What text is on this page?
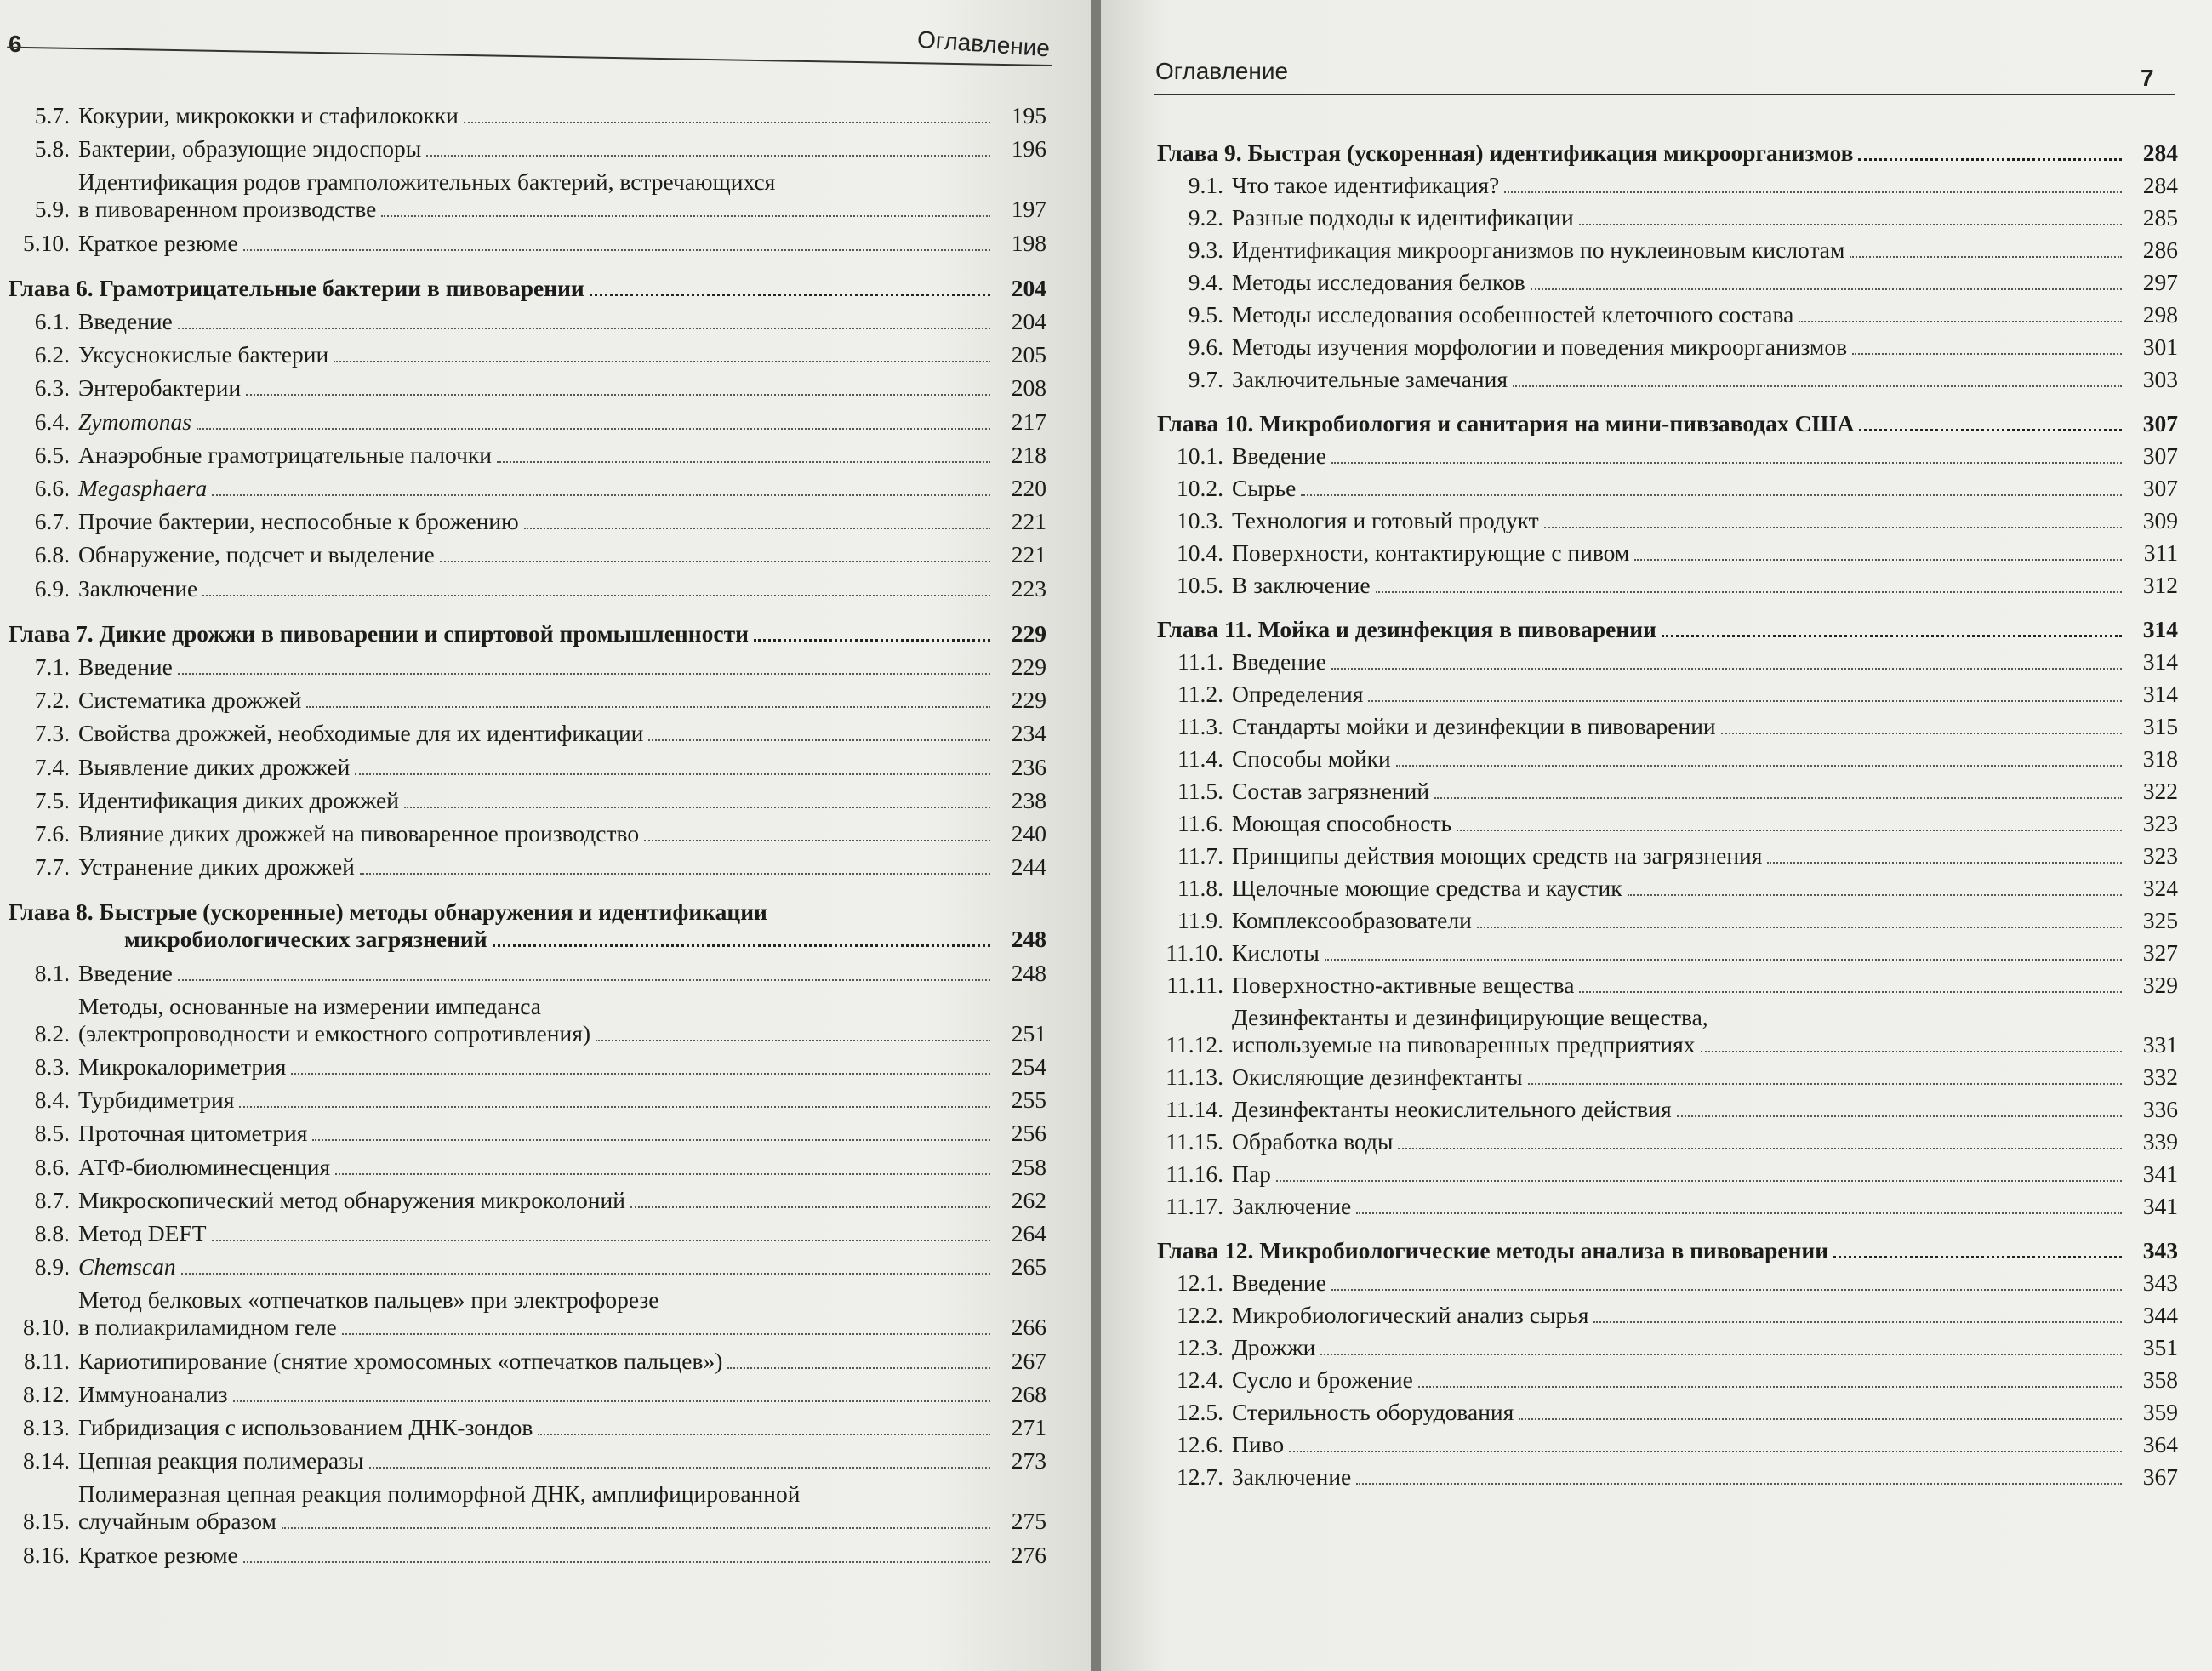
6	Оглавление
5.7. Кокурии, микрококки и стафилококки	195
5.8. Бактерии, образующие эндоспоры	196
5.9.
Идентификация родов грамположительных бактерий, встречающихся
в пивоваренном производстве	197
5.10. Краткое резюме	198
Глава 6. Грамотрицательные бактерии в пивоварении	204
6.1. Введение	204
6.2. Уксуснокислые бактерии	205
6.3. Энтеробактерии	208
6.4. Zymomonas	217
6.5. Анаэробные грамотрицательные палочки	218
6.6. Megasphaera	220
6.7. Прочие бактерии, неспособные к брожению	221
6.8. Обнаружение, подсчет и выделение	221
6.9. Заключение	223
Глава 7. Дикие дрожжи в пивоварении и спиртовой промышленности	229
7.1. Введение	229
7.2. Систематика дрожжей	229
7.3. Свойства дрожжей, необходимые для их идентификации	234
7.4. Выявление диких дрожжей	236
7.5. Идентификация диких дрожжей	238
7.6. Влияние диких дрожжей на пивоваренное производство	240
7.7. Устранение диких дрожжей	244
Глава 8. Быстрые (ускоренные) методы обнаружения и идентификации
микробиологических загрязнений	248
8.1. Введение	248
8.2.
Методы, основанные на измерении импеданса
(электропроводности и емкостного сопротивления)	251
8.3. Микрокалориметрия	254
8.4. Турбидиметрия	255
8.5. Проточная цитометрия	256
8.6. АТФ-биолюминесценция	258
8.7. Микроскопический метод обнаружения микроколоний	262
8.8. Метод DEFT	264
8.9. Chemscan	265
8.10.
Метод белковых «отпечатков пальцев» при электрофорезе
в полиакриламидном геле	266
8.11. Кариотипирование (снятие хромосомных «отпечатков пальцев»)	267
8.12. Иммуноанализ	268
8.13. Гибридизация с использованием ДНК-зондов	271
8.14. Цепная реакция полимеразы	273
8.15.
Полимеразная цепная реакция полиморфной ДНК, амплифицированной
случайным образом	275
8.16. Краткое резюме	276
Оглавление	7
Глава 9. Быстрая (ускоренная) идентификация микроорганизмов	284
9.1. Что такое идентификация?	284
9.2. Разные подходы к идентификации	285
9.3. Идентификация микроорганизмов по нуклеиновым кислотам	286
9.4. Методы исследования белков	297
9.5. Методы исследования особенностей клеточного состава	298
9.6. Методы изучения морфологии и поведения микроорганизмов	301
9.7. Заключительные замечания	303
Глава 10. Микробиология и санитария на мини-пивзаводах США	307
10.1. Введение	307
10.2. Сырье	307
10.3. Технология и готовый продукт	309
10.4. Поверхности, контактирующие с пивом	311
10.5. В заключение	312
Глава 11. Мойка и дезинфекция в пивоварении	314
11.1. Введение	314
11.2. Определения	314
11.3. Стандарты мойки и дезинфекции в пивоварении	315
11.4. Способы мойки	318
11.5. Состав загрязнений	322
11.6. Моющая способность	323
11.7. Принципы действия моющих средств на загрязнения	323
11.8. Щелочные моющие средства и каустик	324
11.9. Комплексообразователи	325
11.10. Кислоты	327
11.11. Поверхностно-активные вещества	329
11.12.
Дезинфектанты и дезинфицирующие вещества,
используемые на пивоваренных предприятиях	331
11.13. Окисляющие дезинфектанты	332
11.14. Дезинфектанты неокислительного действия	336
11.15. Обработка воды	339
11.16. Пар	341
11.17. Заключение	341
Глава 12. Микробиологические методы анализа в пивоварении	343
12.1. Введение	343
12.2. Микробиологический анализ сырья	344
12.3. Дрожжи	351
12.4. Сусло и брожение	358
12.5. Стерильность оборудования	359
12.6. Пиво	364
12.7. Заключение	367
